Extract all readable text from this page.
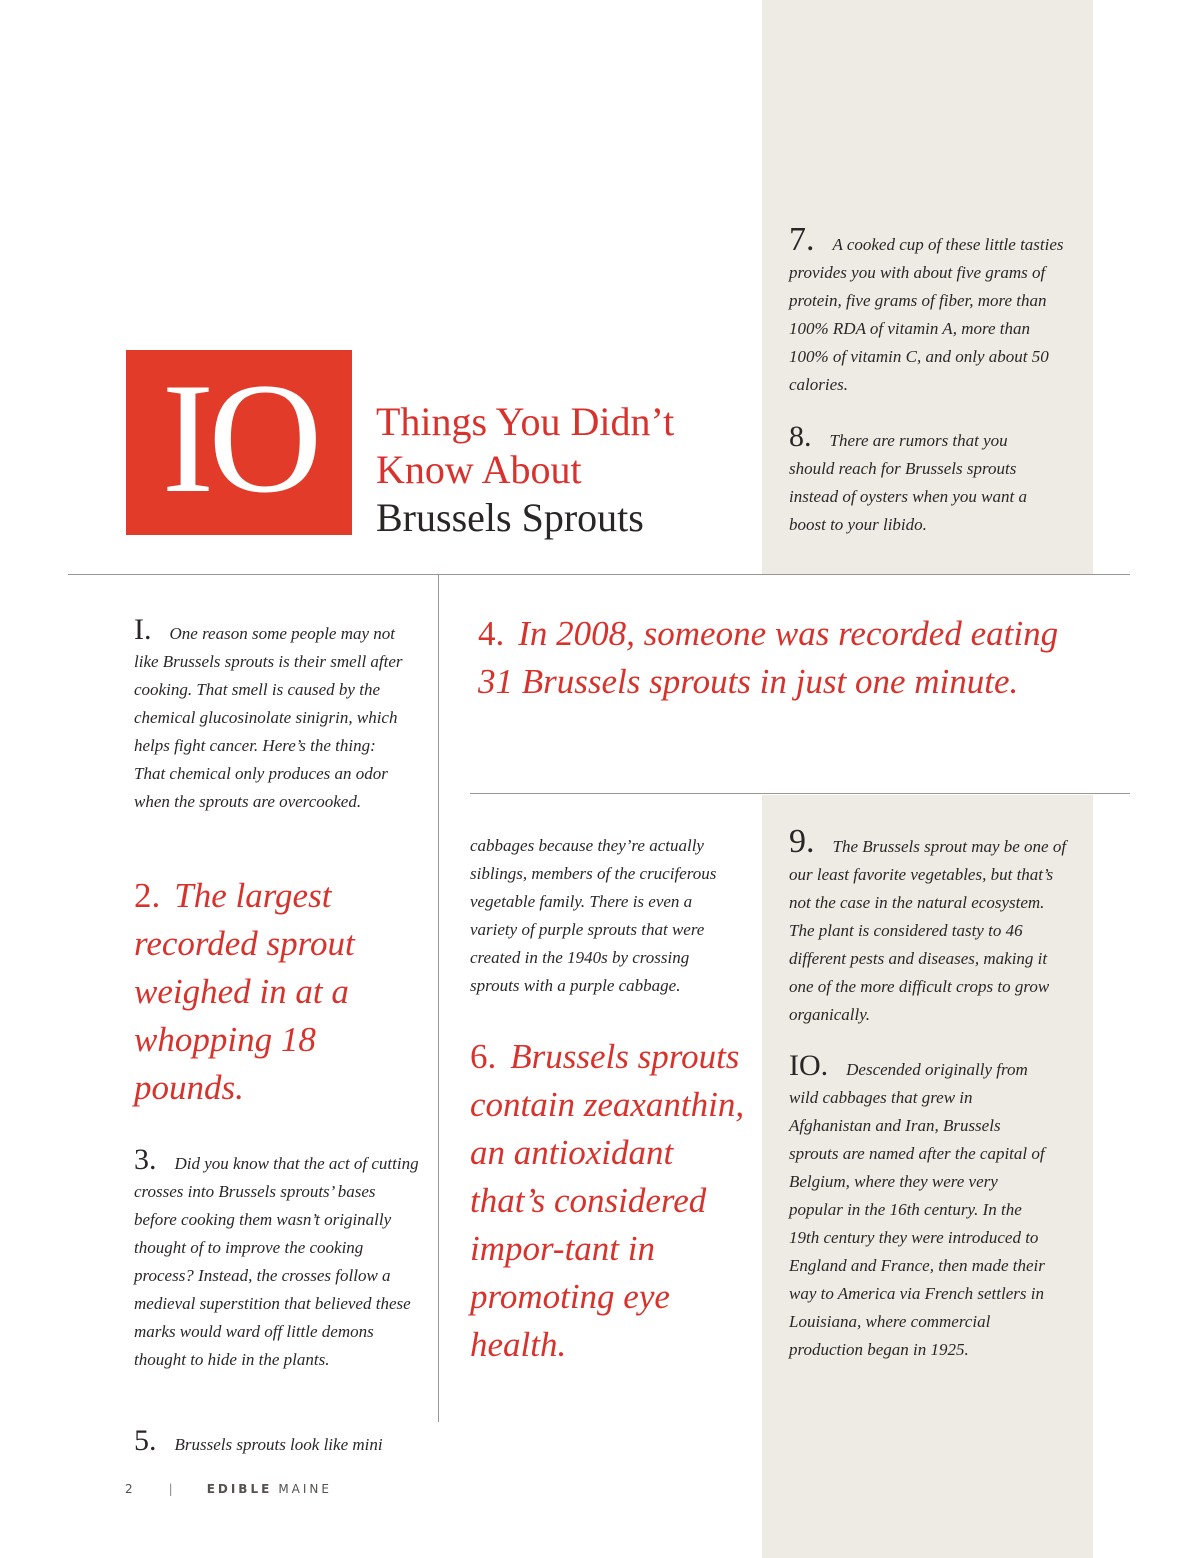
IO	Things You Didn’t
Know About
Brussels Sprouts
7. A cooked cup of these little tasties provides you with about five grams of protein, five grams of fiber, more than 100% RDA of vitamin A, more than 100% of vitamin C, and only about 50 calories.
8. There are rumors that you should reach for Brussels sprouts instead of oysters when you want a boost to your libido.
I. One reason some people may not like Brussels sprouts is their smell after cooking. That smell is caused by the chemical glucosinolate sinigrin, which helps fight cancer. Here’s the thing: That chemical only produces an odor when the sprouts are overcooked.
4. In 2008, someone was recorded eating 31 Brussels sprouts in just one minute.
2. The largest recorded sprout weighed in at a whopping 18 pounds.
3. Did you know that the act of cutting crosses into Brussels sprouts’ bases before cooking them wasn’t originally thought of to improve the cooking process? Instead, the crosses follow a medieval superstition that believed these marks would ward off little demons thought to hide in the plants.
5. Brussels sprouts look like mini
cabbages because they’re actually siblings, members of the cruciferous vegetable family. There is even a variety of purple sprouts that were created in the 1940s by crossing sprouts with a purple cabbage.
6. Brussels sprouts contain zeaxanthin, an antioxidant that’s considered impor-tant in promoting eye health.
9. The Brussels sprout may be one of our least favorite vegetables, but that’s not the case in the natural ecosystem. The plant is considered tasty to 46 different pests and diseases, making it one of the more difficult crops to grow organically.
IO. Descended originally from wild cabbages that grew in Afghanistan and Iran, Brussels sprouts are named after the capital of Belgium, where they were very popular in the 16th century. In the 19th century they were introduced to England and France, then made their way to America via French settlers in Louisiana, where commercial production began in 1925.
2	|	EDIBLE MAINE
